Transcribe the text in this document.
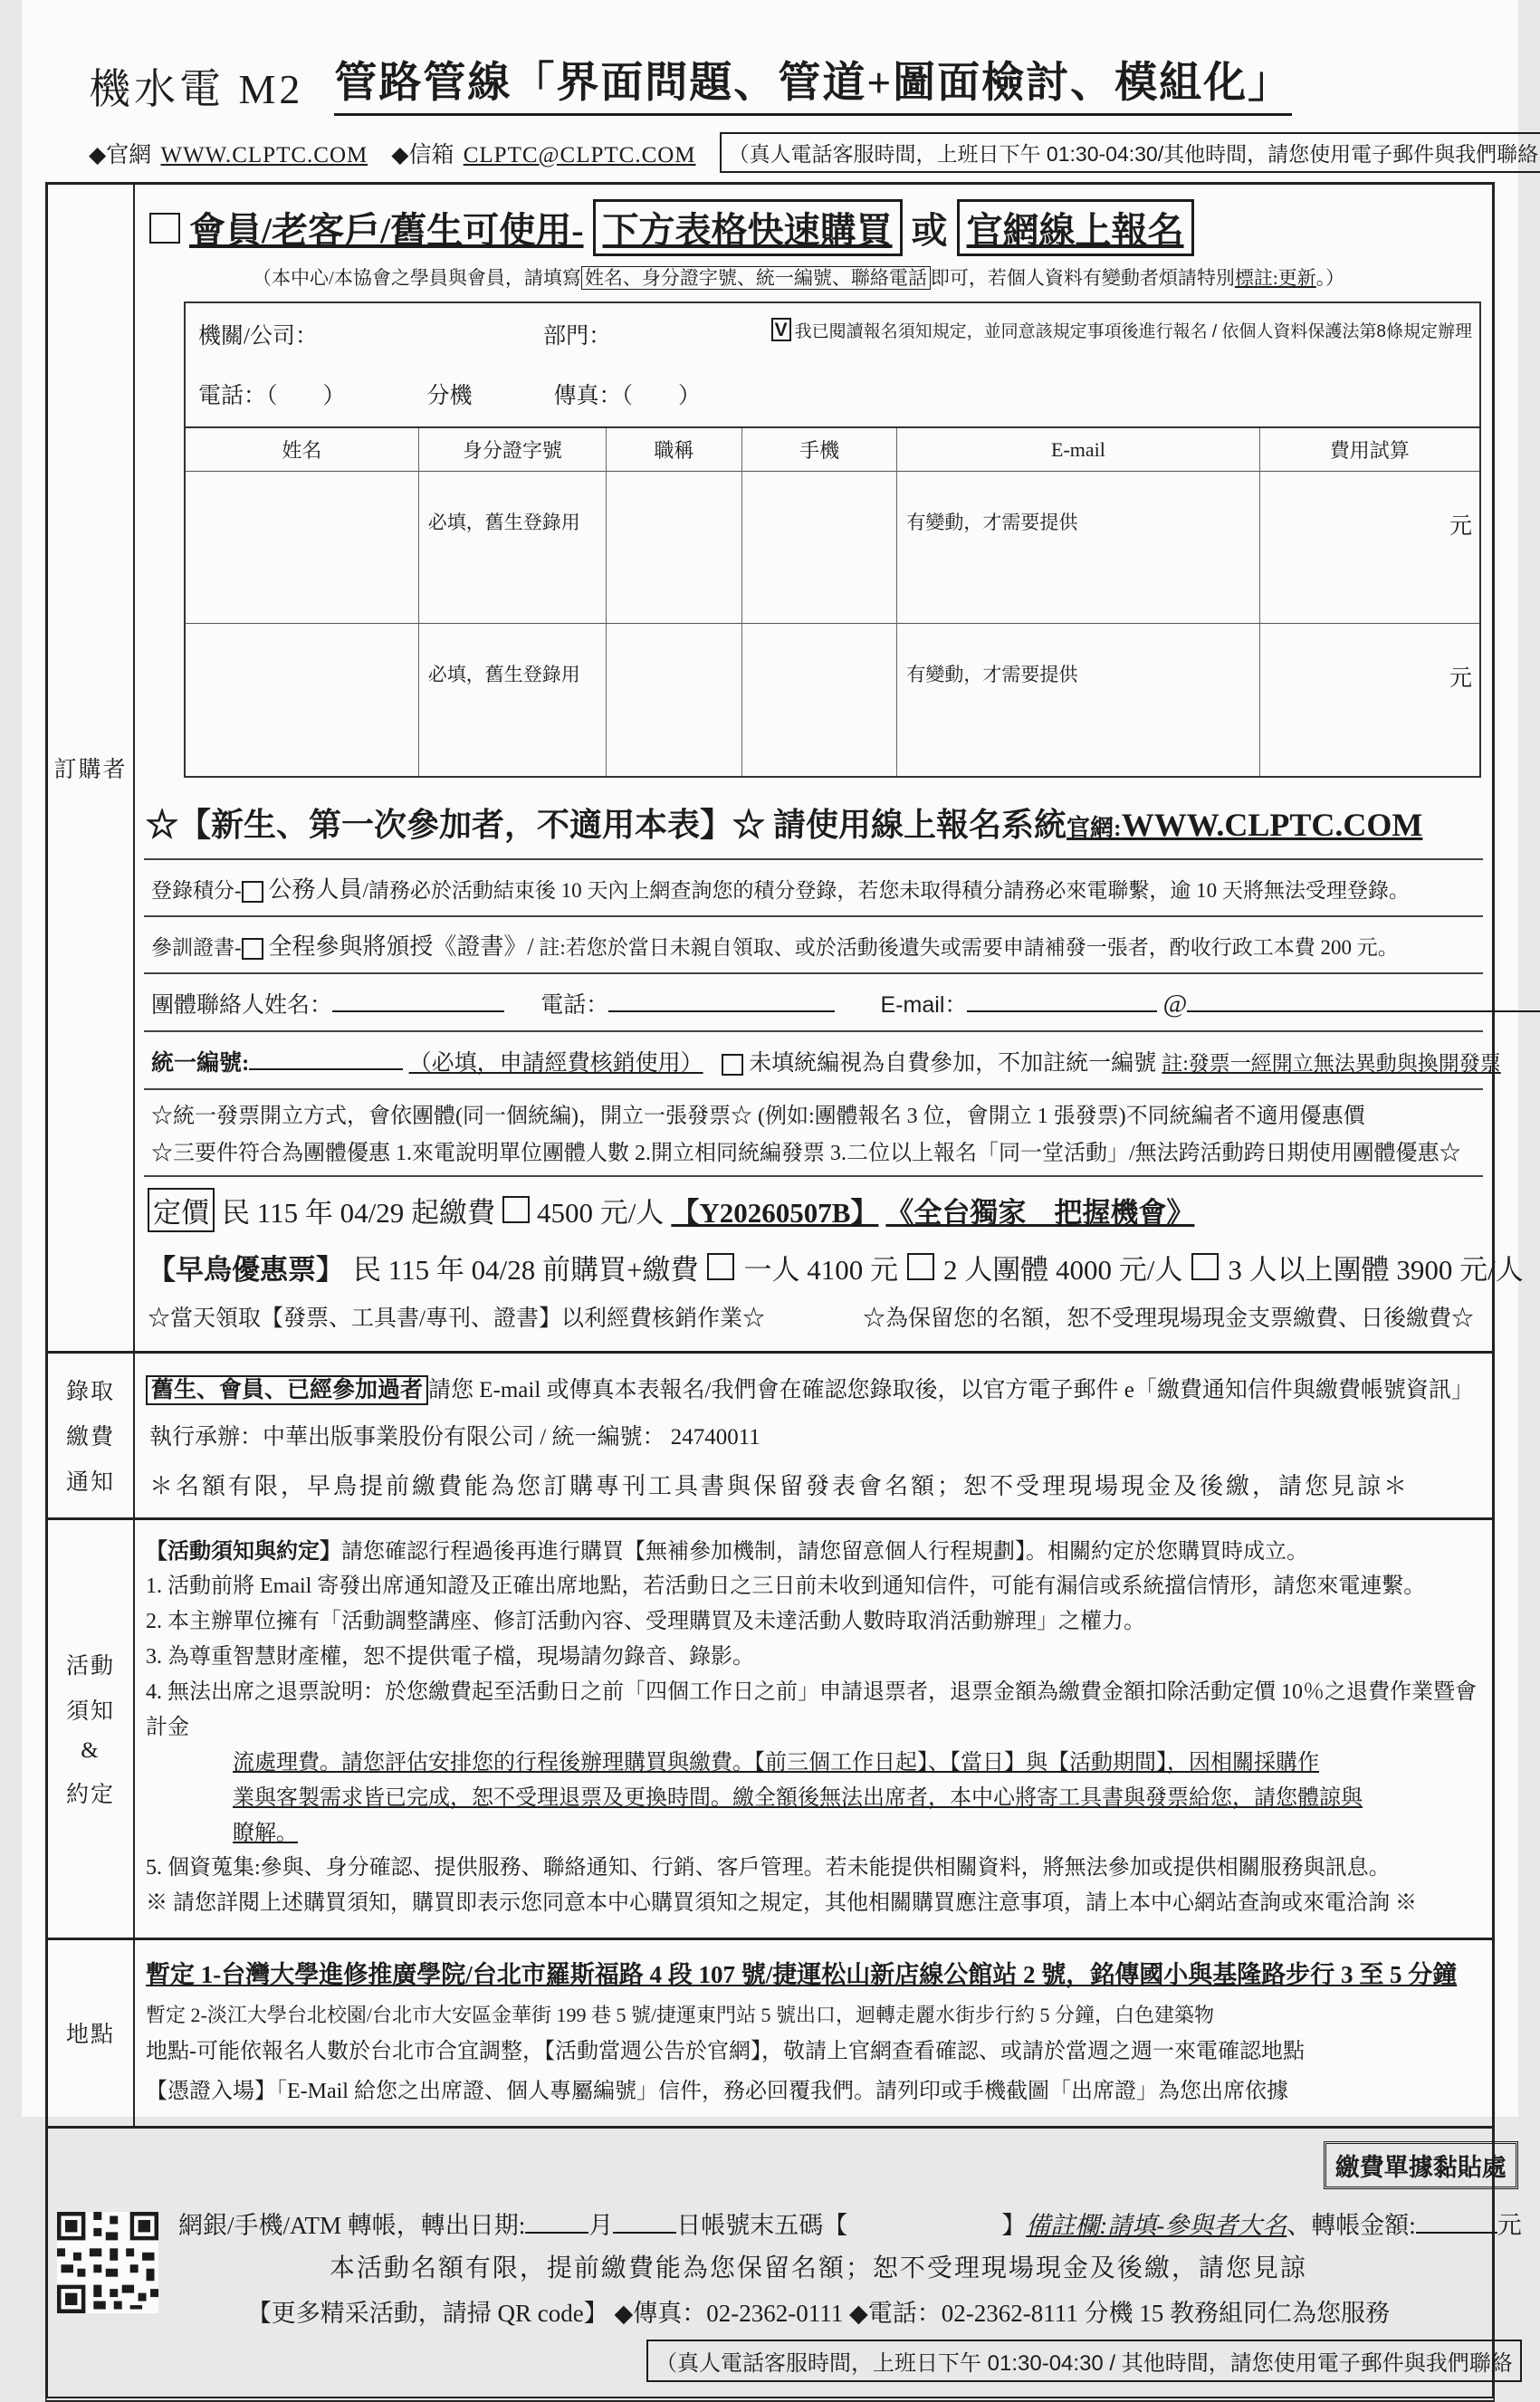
機水電 M2 管路管線「界面問題、管道+圖面檢討、模組化」
◆官網 WWW.CLPTC.COM ◆信箱 CLPTC@CLPTC.COM	（真人電話客服時間，上班日下午 01:30-04:30/其他時間，請您使用電子郵件與我們聯絡
訂購者
會員/老客戶/舊生可使用- 下方表格快速購買 或 官網線上報名
（本中心/本協會之學員與會員，請填寫 姓名、身分證字號、統一編號、聯絡電話 即可，若個人資料有變動者煩請特別標註:更新。）
機關/公司：	部門：	V 我已閱讀報名須知規定，並同意該規定事項後進行報名 / 依個人資料保護法第8條規定辦理
電話：（　　）	分機	傳真：（　　）
姓名	身分證字號	職稱	手機	E-mail	費用試算
	必填，舊生登錄用			有變動，才需要提供	元
	必填，舊生登錄用			有變動，才需要提供	元
☆【新生、第一次參加者，不適用本表】☆ 請使用線上報名系統 官網:WWW.CLPTC.COM
登錄積分- 公務人員/請務必於活動結束後 10 天內上網查詢您的積分登錄，若您未取得積分請務必來電聯繫，逾 10 天將無法受理登錄。
參訓證書- 全程參與將頒授《證書》/ 註:若您於當日未親自領取、或於活動後遺失或需要申請補發一張者，酌收行政工本費 200 元。
團體聯絡人姓名：	電話：	E-mail：	@
統一編號:	（必填，申請經費核銷使用） 未填統編視為自費參加，不加註統一編號 註:發票一經開立無法異動與換開發票
☆統一發票開立方式，會依團體(同一個統編)，開立一張發票☆ (例如:團體報名 3 位，會開立 1 張發票)不同統編者不適用優惠價
☆三要件符合為團體優惠 1.來電說明單位團體人數 2.開立相同統編發票 3.二位以上報名「同一堂活動」/無法跨活動跨日期使用團體優惠☆
定價 民 115 年 04/29 起繳費 4500 元/人 【Y20260507B】 《全台獨家　把握機會》
【早鳥優惠票】 民 115 年 04/28 前購買+繳費 一人 4100 元 2 人團體 4000 元/人 3 人以上團體 3900 元/人
☆當天領取【發票、工具書/專刊、證書】以利經費核銷作業☆	☆為保留您的名額，恕不受理現場現金支票繳費、日後繳費☆
錄取
繳費
通知
舊生、會員、已經參加過者 請您 E-mail 或傳真本表報名/我們會在確認您錄取後，以官方電子郵件 e「繳費通知信件與繳費帳號資訊」
執行承辦：中華出版事業股份有限公司 / 統一編號： 24740011
＊名額有限，早鳥提前繳費能為您訂購專刊工具書與保留發表會名額；恕不受理現場現金及後繳，請您見諒＊
活動
須知
&
約定

【活動須知與約定】請您確認行程過後再進行購買【無補參加機制，請您留意個人行程規劃】。相關約定於您購買時成立。

1. 活動前將 Email 寄發出席通知證及正確出席地點，若活動日之三日前未收到通知信件，可能有漏信或系統擋信情形，請您來電連繫。

2. 本主辦單位擁有「活動調整講座、修訂活動內容、受理購買及未達活動人數時取消活動辦理」之權力。

3. 為尊重智慧財產權，恕不提供電子檔，現場請勿錄音、錄影。

4. 無法出席之退票說明：於您繳費起至活動日之前「四個工作日之前」申請退票者，退票金額為繳費金額扣除活動定價 10％之退費作業暨會計金

流處理費。請您評估安排您的行程後辦理購買與繳費。【前三個工作日起】、【當日】與【活動期間】，因相關採購作

業與客製需求皆已完成，恕不受理退票及更換時間。繳全額後無法出席者，本中心將寄工具書與發票給您，請您體諒與

瞭解。

5. 個資蒐集:參與、身分確認、提供服務、聯絡通知、行銷、客戶管理。若未能提供相關資料，將無法參加或提供相關服務與訊息。

※ 請您詳閱上述購買須知，購買即表示您同意本中心購買須知之規定，其他相關購買應注意事項，請上本中心網站查詢或來電洽詢 ※

地點

暫定 1-台灣大學進修推廣學院/台北市羅斯福路 4 段 107 號/捷運松山新店線公館站 2 號，銘傳國小與基隆路步行 3 至 5 分鐘

暫定 2-淡江大學台北校園/台北市大安區金華街 199 巷 5 號/捷運東門站 5 號出口，迴轉走麗水街步行約 5 分鐘，白色建築物

地點-可能依報名人數於台北市合宜調整，【活動當週公告於官網】，敬請上官網查看確認、或請於當週之週一來電確認地點

【憑證入場】「E-Mail 給您之出席證、個人專屬編號」信件，務必回覆我們。請列印或手機截圖「出席證」為您出席依據

繳費單據黏貼處
網銀/手機/ATM 轉帳，轉出日期:	月	日帳號末五碼【	】 備註欄:請填-參與者大名 、轉帳金額:	元
本活動名額有限，提前繳費能為您保留名額；恕不受理現場現金及後繳，請您見諒
【更多精采活動，請掃 QR code】 ◆傳真：02-2362-0111 ◆電話：02-2362-8111 分機 15 教務組同仁為您服務
（真人電話客服時間，上班日下午 01:30-04:30 / 其他時間，請您使用電子郵件與我們聯絡
